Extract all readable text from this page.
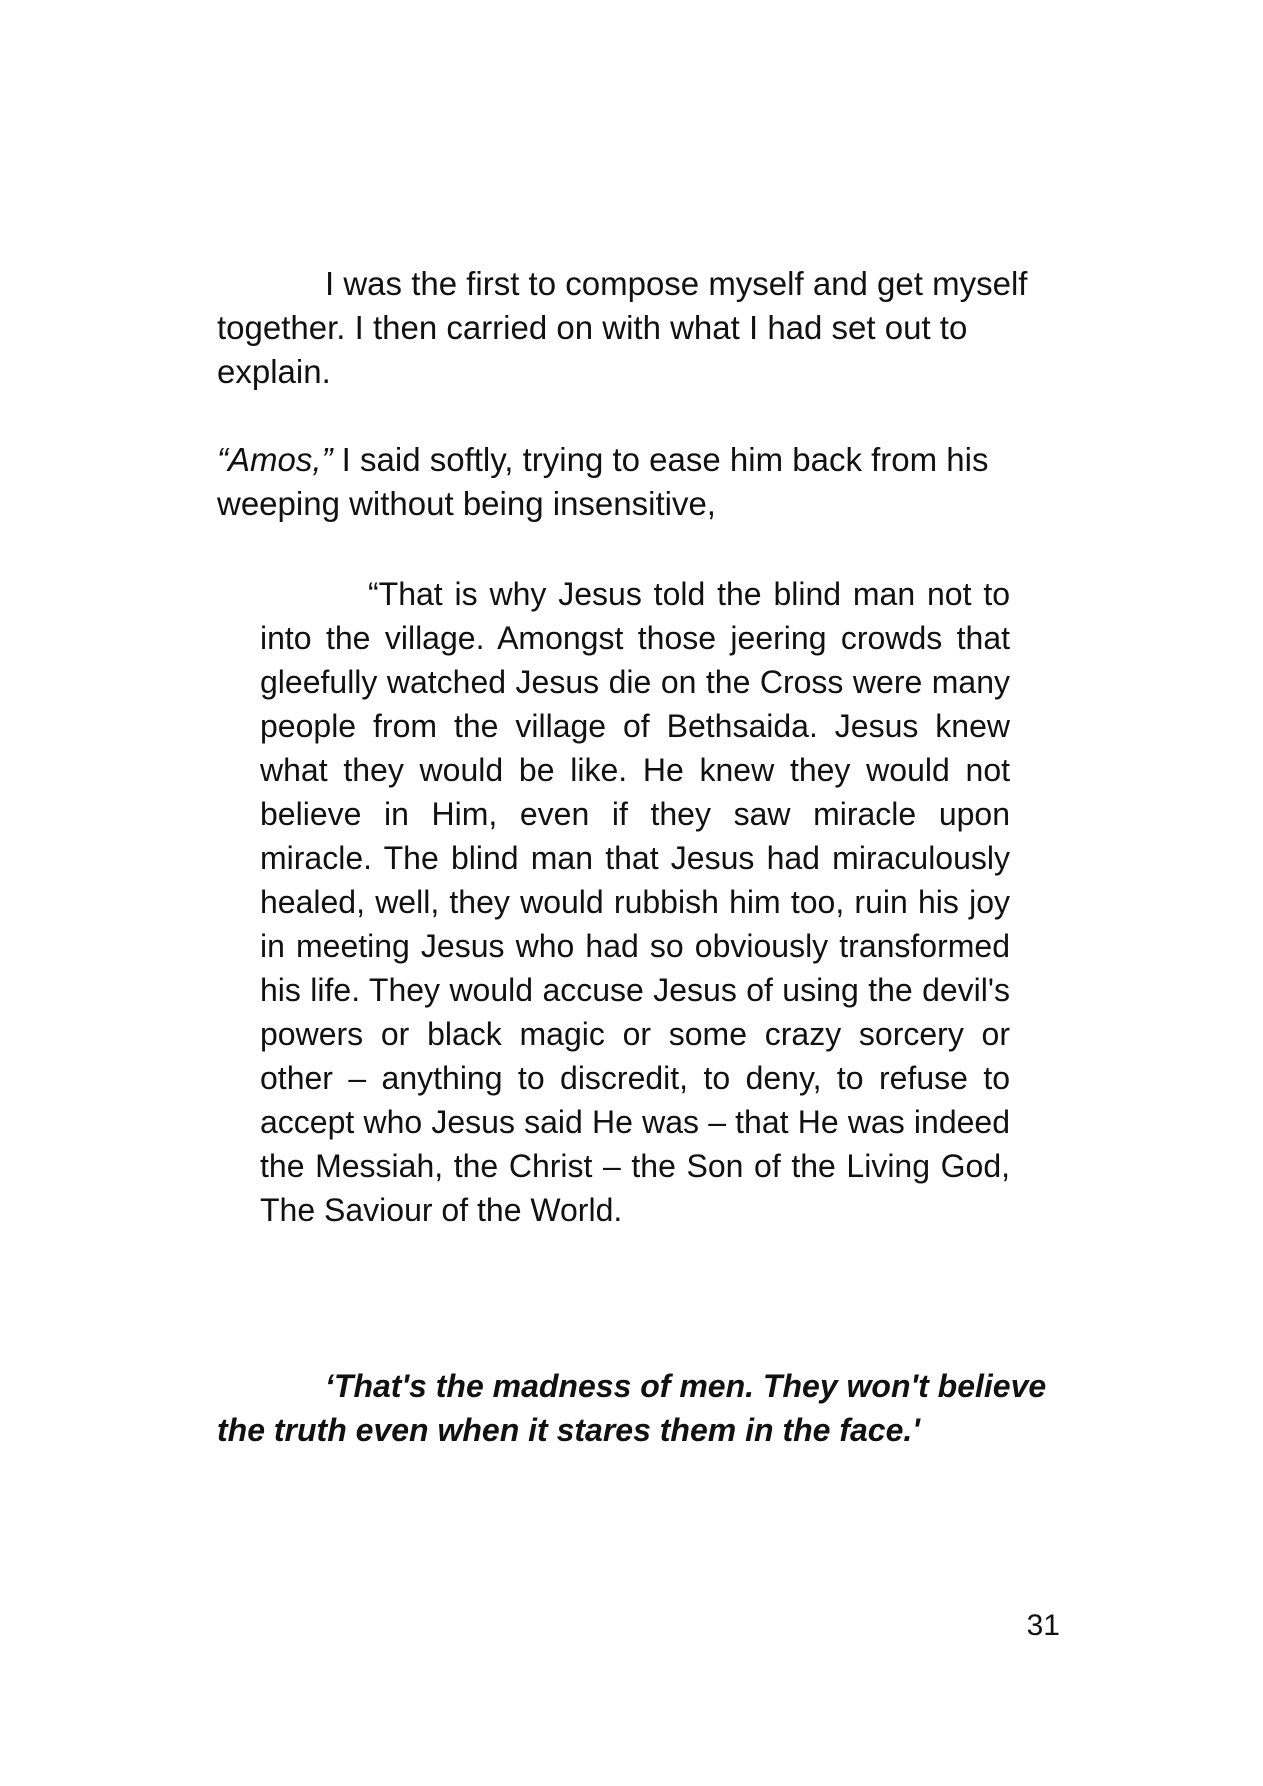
I was the first to compose myself and get myself together. I then carried on with what I had set out to explain.

“Amos,” I said softly, trying to ease him back from his weeping without being insensitive,

“That is why Jesus told the blind man not to into the village. Amongst those jeering crowds that gleefully watched Jesus die on the Cross were many people from the village of Bethsaida. Jesus knew what they would be like. He knew they would not believe in Him, even if they saw miracle upon miracle. The blind man that Jesus had miraculously healed, well, they would rubbish him too, ruin his joy in meeting Jesus who had so obviously transformed his life. They would accuse Jesus of using the devil's powers or black magic or some crazy sorcery or other – anything to discredit, to deny, to refuse to accept who Jesus said He was – that He was indeed the Messiah, the Christ – the Son of the Living God, The Saviour of the World.

‘That's the madness of men. They won't believe the truth even when it stares them in the face.'

31
